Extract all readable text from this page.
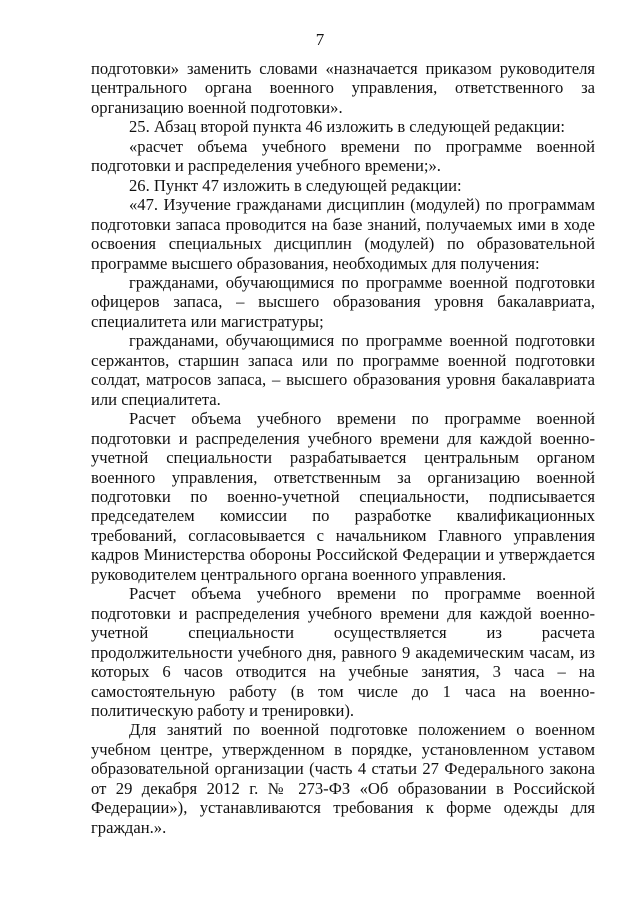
7

подготовки» заменить словами «назначается приказом руководителя центрального органа военного управления, ответственного за организацию военной подготовки».

25. Абзац второй пункта 46 изложить в следующей редакции:

«расчет объема учебного времени по программе военной подготовки и распределения учебного времени;».

26. Пункт 47 изложить в следующей редакции:

«47. Изучение гражданами дисциплин (модулей) по программам подготовки запаса проводится на базе знаний, получаемых ими в ходе освоения специальных дисциплин (модулей) по образовательной программе высшего образования, необходимых для получения:

гражданами, обучающимися по программе военной подготовки офицеров запаса, – высшего образования уровня бакалавриата, специалитета или магистратуры;

гражданами, обучающимися по программе военной подготовки сержантов, старшин запаса или по программе военной подготовки солдат, матросов запаса, – высшего образования уровня бакалавриата или специалитета.

Расчет объема учебного времени по программе военной подготовки и распределения учебного времени для каждой военно-учетной специальности разрабатывается центральным органом военного управления, ответственным за организацию военной подготовки по военно-учетной специальности, подписывается председателем комиссии по разработке квалификационных требований, согласовывается с начальником Главного управления кадров Министерства обороны Российской Федерации и утверждается руководителем центрального органа военного управления.

Расчет объема учебного времени по программе военной подготовки и распределения учебного времени для каждой военно-учетной специальности осуществляется из расчета продолжительности учебного дня, равного 9 академическим часам, из которых 6 часов отводится на учебные занятия, 3 часа – на самостоятельную работу (в том числе до 1 часа на военно-политическую работу и тренировки).

Для занятий по военной подготовке положением о военном учебном центре, утвержденном в порядке, установленном уставом образовательной организации (часть 4 статьи 27 Федерального закона от 29 декабря 2012 г. № 273-ФЗ «Об образовании в Российской Федерации»), устанавливаются требования к форме одежды для граждан.».
